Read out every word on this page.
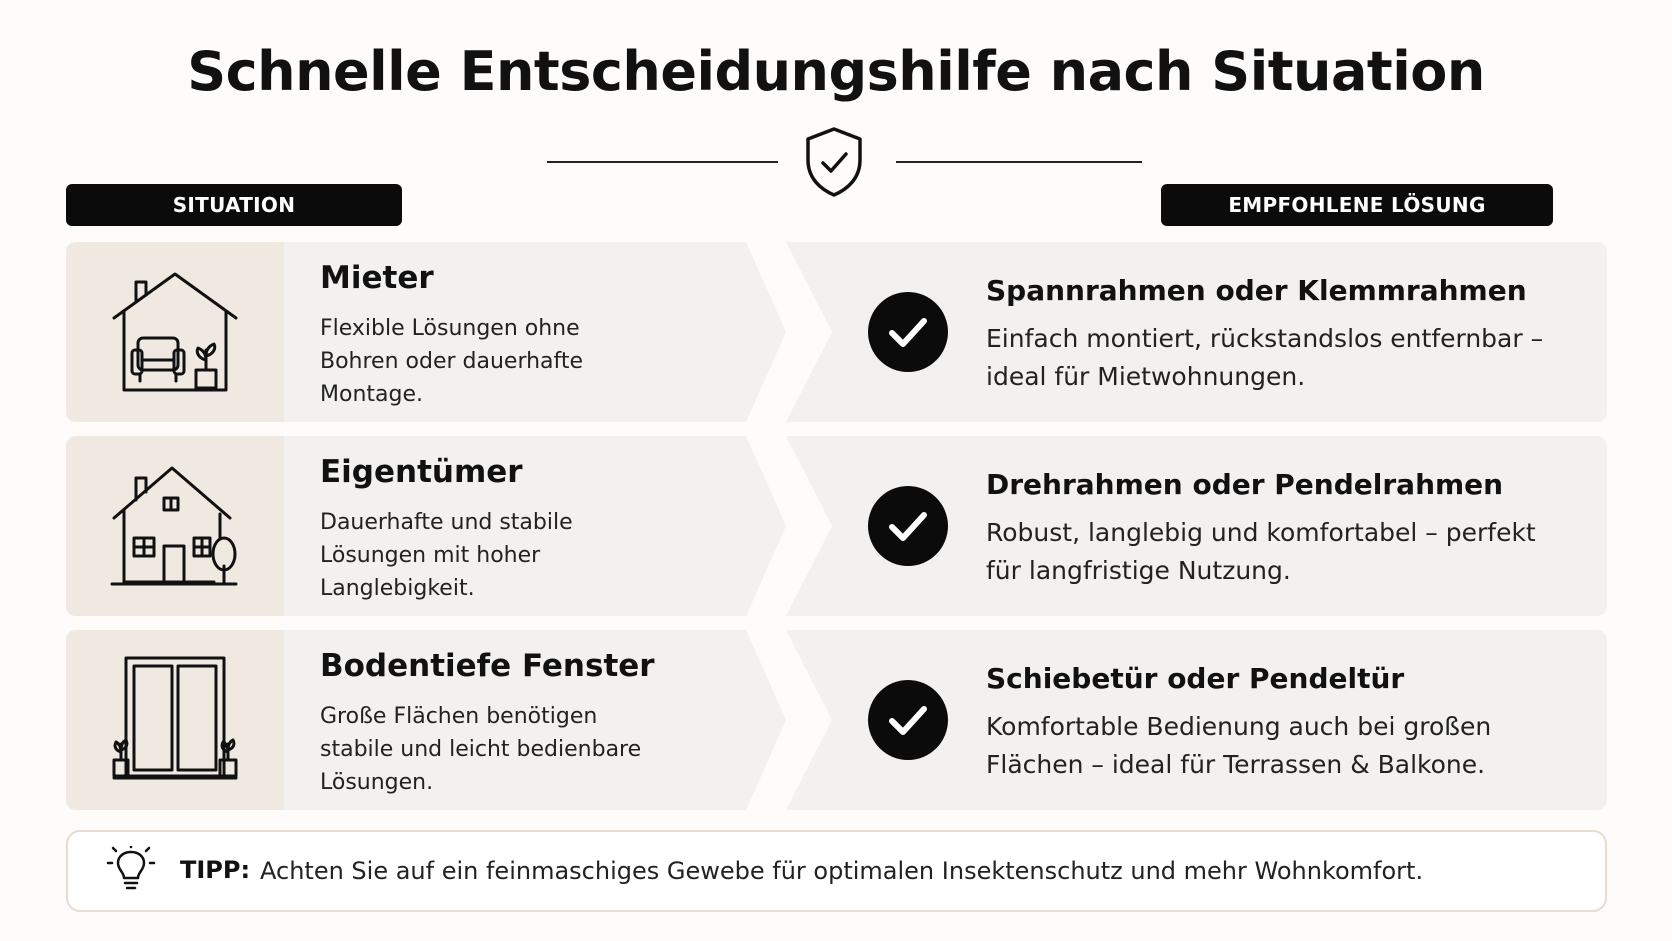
Schnelle Entscheidungshilfe nach Situation
SITUATION	EMPFOHLENE LÖSUNG
Mieter
Flexible Lösungen ohne Bohren oder dauerhafte Montage.
Spannrahmen oder Klemmrahmen
Einfach montiert, rückstandslos entfernbar – ideal für Mietwohnungen.
Eigentümer
Dauerhafte und stabile Lösungen mit hoher Langlebigkeit.
Drehrahmen oder Pendelrahmen
Robust, langlebig und komfortabel – perfekt für langfristige Nutzung.
Bodentiefe Fenster
Große Flächen benötigen stabile und leicht bedienbare Lösungen.
Schiebetür oder Pendeltür
Komfortable Bedienung auch bei großen Flächen – ideal für Terrassen & Balkone.
TIPP: Achten Sie auf ein feinmaschiges Gewebe für optimalen Insektenschutz und mehr Wohnkomfort.
